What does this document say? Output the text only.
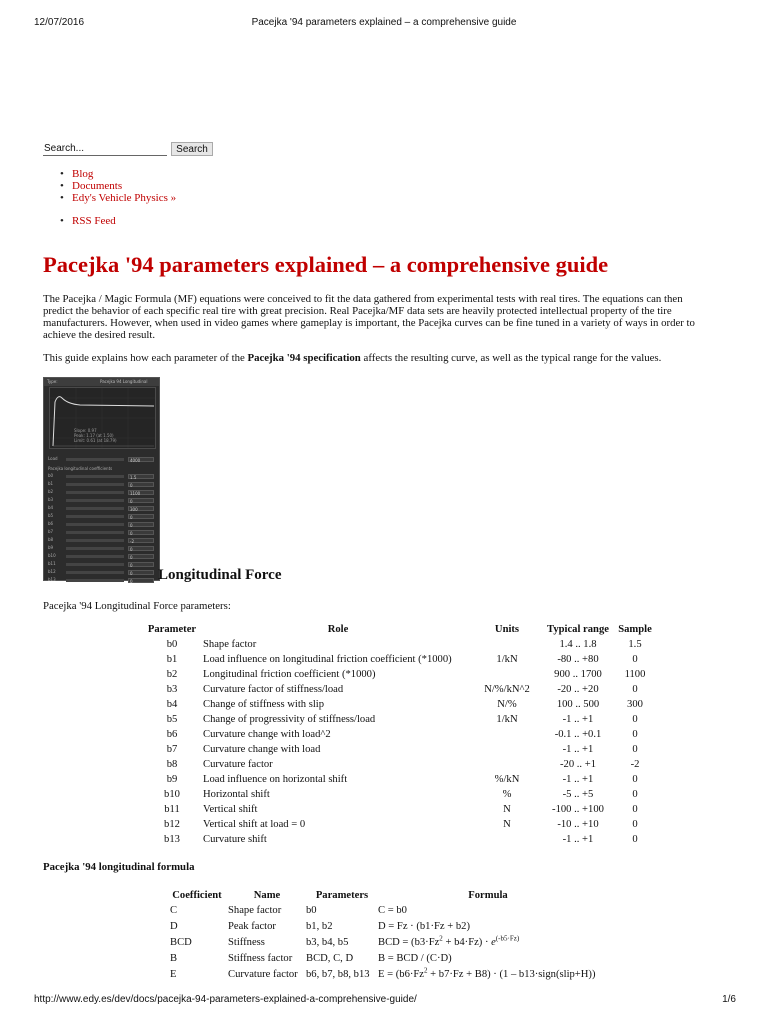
12/07/2016	Pacejka '94 parameters explained – a comprehensive guide
Search...
Search
• Blog
• Documents
• Edy's Vehicle Physics »
• RSS Feed
Pacejka '94 parameters explained – a comprehensive guide

The Pacejka / Magic Formula (MF) equations were conceived to fit the data gathered from experimental tests with real tires. The equations can then
predict the behavior of each specific real tire with great precision. Real Pacejka/MF data sets are heavily protected intellectual property of the tire
manufacturers. However, when used in video games where gameplay is important, the Pacejka curves can be fine tuned in a variety of ways in order to
achieve the desired result.

This guide explains how each parameter of the Pacejka '94 specification affects the resulting curve, as well as the typical range for the values.

Type:	Pacejka 94 Longitudinal
Slope: 0.97
Peak: 1.17 (at 1.50)
Limit: 0.61 (at 18.79)
Load	4000
Pacejka longitudinal coefficients
b0	1.5
b1	0
b2	1100
b3	0
b4	300
b5	0
b6	0
b7	0
b8	-2
b9	0
b10	0
b11	0
b12	0
b13	0	Longitudinal Force

Pacejka '94 Longitudinal Force parameters:

Parameter	Role	Units	Typical range	Sample
b0	Shape factor		1.4 .. 1.8	1.5
b1	Load influence on longitudinal friction coefficient (*1000)	1/kN	-80 .. +80	0
b2	Longitudinal friction coefficient (*1000)		900 .. 1700	1100
b3	Curvature factor of stiffness/load	N/%/kN^2	-20 .. +20	0
b4	Change of stiffness with slip	N/%	100 .. 500	300
b5	Change of progressivity of stiffness/load	1/kN	-1 .. +1	0
b6	Curvature change with load^2		-0.1 .. +0.1	0
b7	Curvature change with load		-1 .. +1	0
b8	Curvature factor		-20 .. +1	-2
b9	Load influence on horizontal shift	%/kN	-1 .. +1	0
b10	Horizontal shift	%	-5 .. +5	0
b11	Vertical shift	N	-100 .. +100	0
b12	Vertical shift at load = 0	N	-10 .. +10	0
b13	Curvature shift		-1 .. +1	0

Pacejka '94 longitudinal formula

Coefficient	Name	Parameters	Formula
C	Shape factor	b0	C = b0
D	Peak factor	b1, b2	D = Fz · (b1·Fz + b2)
BCD	Stiffness	b3, b4, b5	BCD = $(b3\cdot Fz^2 + b4\cdot Fz) \cdot e^{(-b5\cdot Fz)}$
B	Stiffness factor	BCD, C, D	B = BCD / (C·D)
E	Curvature factor	b6, b7, b8, b13	$E = (b6\cdot Fz^2 + b7\cdot Fz + B8) \cdot (1$ – b13·sign(slip+H))
http://www.edy.es/dev/docs/pacejka-94-parameters-explained-a-comprehensive-guide/	1/6
